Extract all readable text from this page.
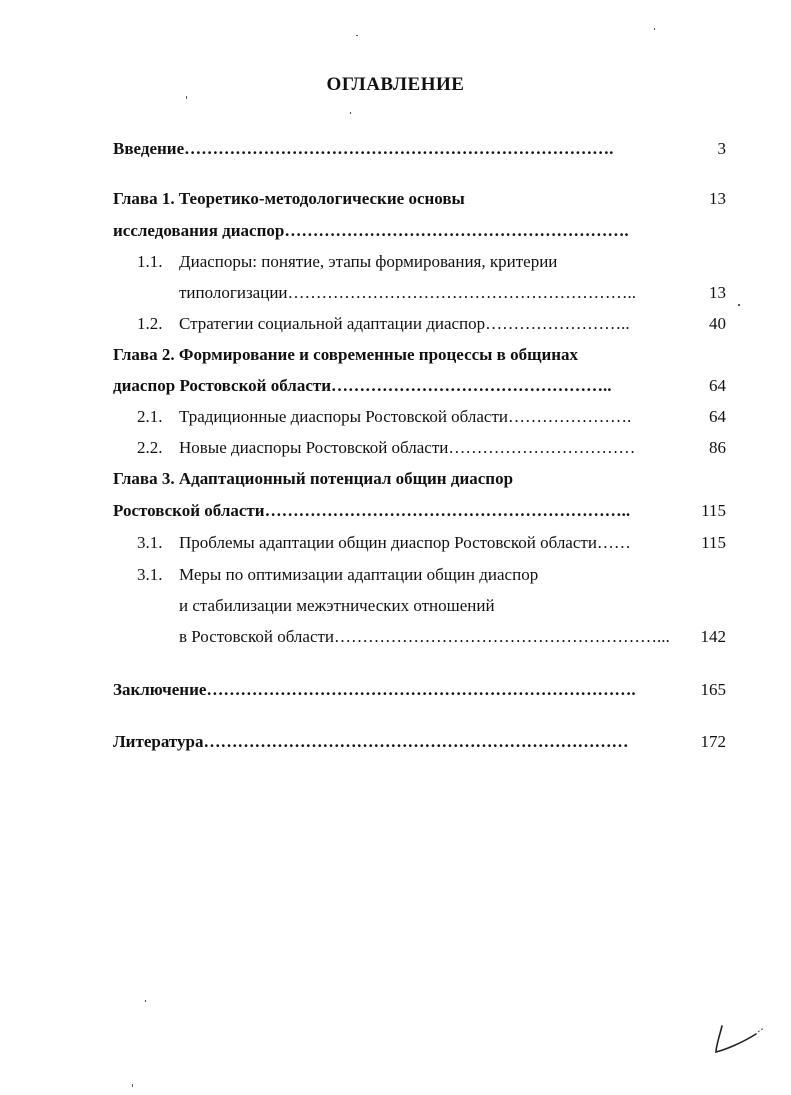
ОГЛАВЛЕНИЕ
Введение………………………………………………………………….	3
Глава 1. Теоретико-методологические основы	13
исследования диаспор…………………………………………………….
1.1. Диаспоры: понятие, этапы формирования, критерии
типологизации……………………………………………………..	13
1.2. Стратегии социальной адаптации диаспор……………………..	40
Глава 2. Формирование и современные процессы в общинах
диаспор Ростовской области…………………………………………..	64
2.1. Традиционные диаспоры Ростовской области………………….	64
2.2. Новые диаспоры Ростовской области……………………………	86
Глава 3. Адаптационный потенциал общин диаспор
Ростовской области………………………………………………………..	115
3.1. Проблемы адаптации общин диаспор Ростовской области……	115
3.1. Меры по оптимизации адаптации общин диаспор
и стабилизации межэтнических отношений
в Ростовской области…………………………………………………...	142
Заключение………………………………………………………………….	165
Литература…………………………………………………………………	172
